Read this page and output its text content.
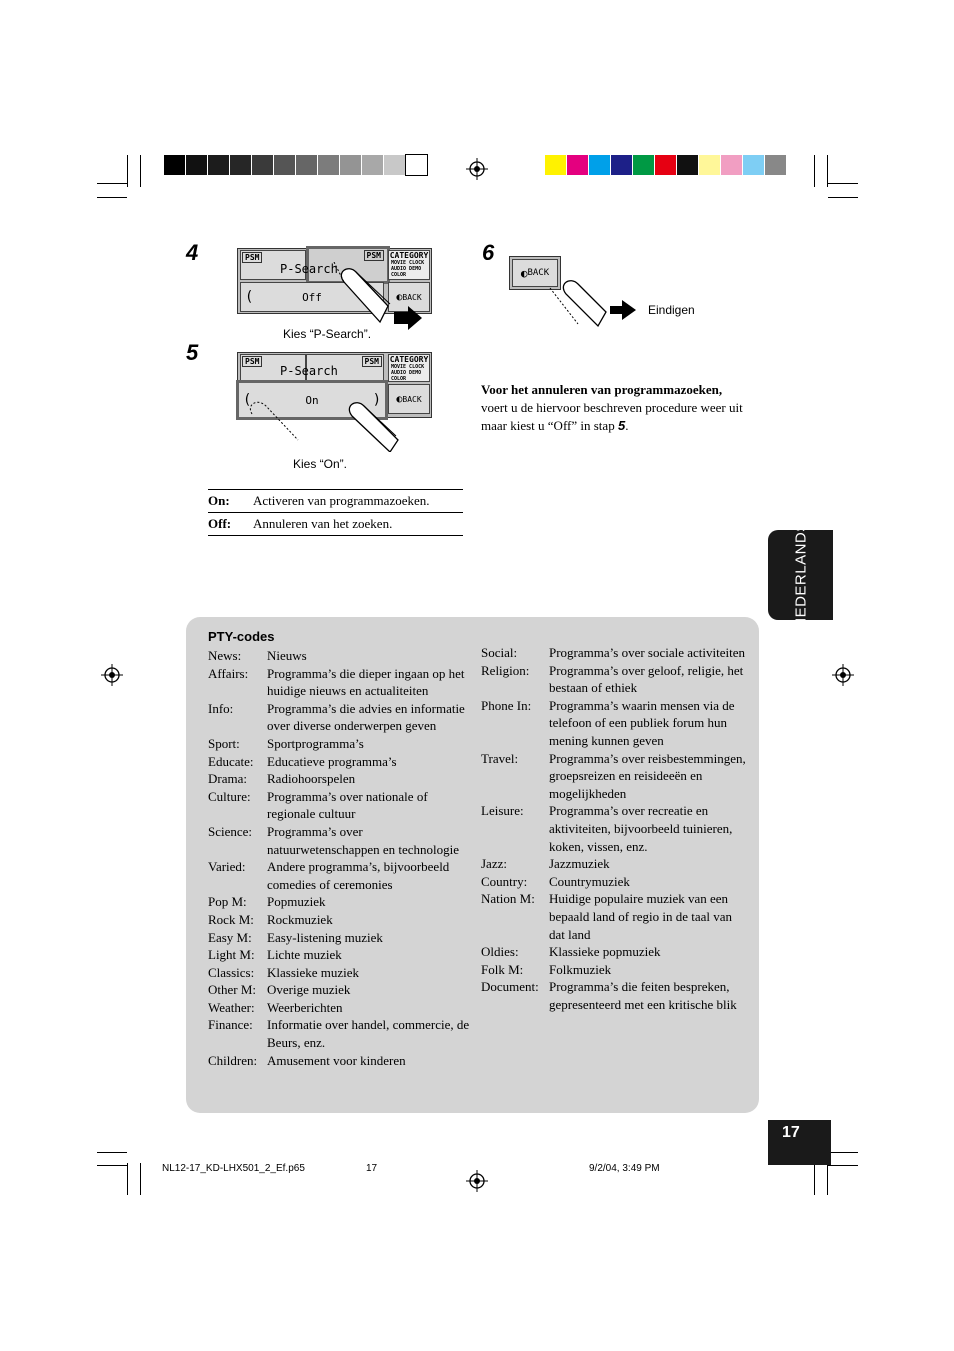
4	PSM	PSM
P-Search
CATEGORY
MOVIE CLOCK AUDIO DEMO COLOR
(	Off	◐ BACK
Kies “P-Search”.
5	PSM	PSM
P-Search
CATEGORY
MOVIE CLOCK AUDIO DEMO COLOR
(	On	) ◐ BACK
Kies “On”.
On:	Activeren van programmazoeken.
Off:	Annuleren van het zoeken.
6
◐ BACK
Eindigen
Voor het annuleren van programmazoeken,
voert u de hiervoor beschreven procedure weer uit maar kiest u “Off” in stap 5.
NEDERLANDS
PTY-codes
News:	Nieuws
Affairs:	Programma’s die dieper ingaan op het huidige nieuws en actualiteiten
Info:	Programma’s die advies en informatie over diverse onderwerpen geven
Sport:	Sportprogramma’s
Educate:	Educatieve programma’s
Drama:	Radiohoorspelen
Culture:	Programma’s over nationale of regionale cultuur
Science:	Programma’s over natuurwetenschappen en technologie
Varied:	Andere programma’s, bijvoorbeeld comedies of ceremonies
Pop M:	Popmuziek
Rock M:	Rockmuziek
Easy M:	Easy-listening muziek
Light M: Lichte muziek
Classics: Klassieke muziek
Other M: Overige muziek
Weather: Weerberichten
Finance:	Informatie over handel, commercie, de Beurs, enz.
Children: Amusement voor kinderen
Social:	Programma’s over sociale activiteiten
Religion:	Programma’s over geloof, religie, het bestaan of ethiek
Phone In:	Programma’s waarin mensen via de telefoon of een publiek forum hun mening kunnen geven
Travel:	Programma’s over reisbestemmingen, groepsreizen en reisideeën en mogelijkheden
Leisure:	Programma’s over recreatie en aktiviteiten, bijvoorbeeld tuinieren, koken, vissen, enz.
Jazz:	Jazzmuziek
Country:	Countrymuziek
Nation M:	Huidige populaire muziek van een bepaald land of regio in de taal van dat land
Oldies:	Klassieke popmuziek
Folk M:	Folkmuziek
Document: Programma’s die feiten bespreken, gepresenteerd met een kritische blik
17
NL12-17_KD-LHX501_2_Ef.p65	17	9/2/04, 3:49 PM
